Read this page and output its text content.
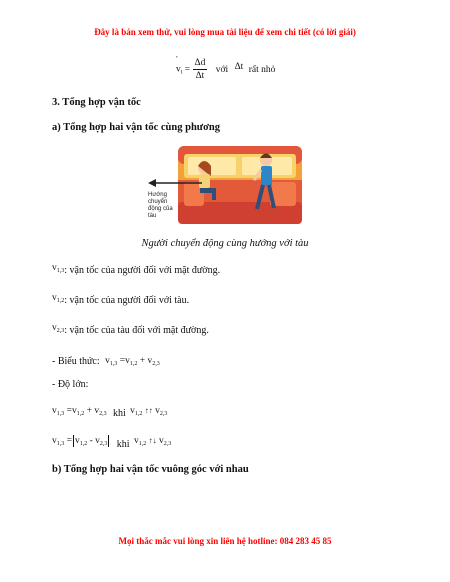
Đây là bản xem thử, vui lòng mua tài liệu để xem chi tiết (có lời giải)
,
$v_t = \frac{\Delta d}{\Delta t}$ với Δt rất nhỏ
3. Tổng hợp vận tốc
a) Tổng hợp hai vận tốc cùng phương
Hướng chuyển động của tàu
Người chuyển động cùng hướng với tàu
$v_{1,3}$: vận tốc của người đối với mặt đường.
$v_{1,2}$: vận tốc của người đối với tàu.
$v_{2,3}$: vận tốc của tàu đối với mặt đường.
- Biểu thức: $v_{1,3} =v_{1,2} + v_{2,3}$
- Độ lớn:
$v_{1,3} =v_{1,2} + v_{2,3}$ khi $v_{1,2}$ ↑↑ $v_{2,3}$
$v_{1,3} = v_{1,2} - v_{2,3}$ khi $v_{1,2}$ ↑↓ $v_{2,3}$
b) Tổng hợp hai vận tốc vuông góc với nhau
Mọi thắc mắc vui lòng xin liên hệ hotline: 084 283 45 85
